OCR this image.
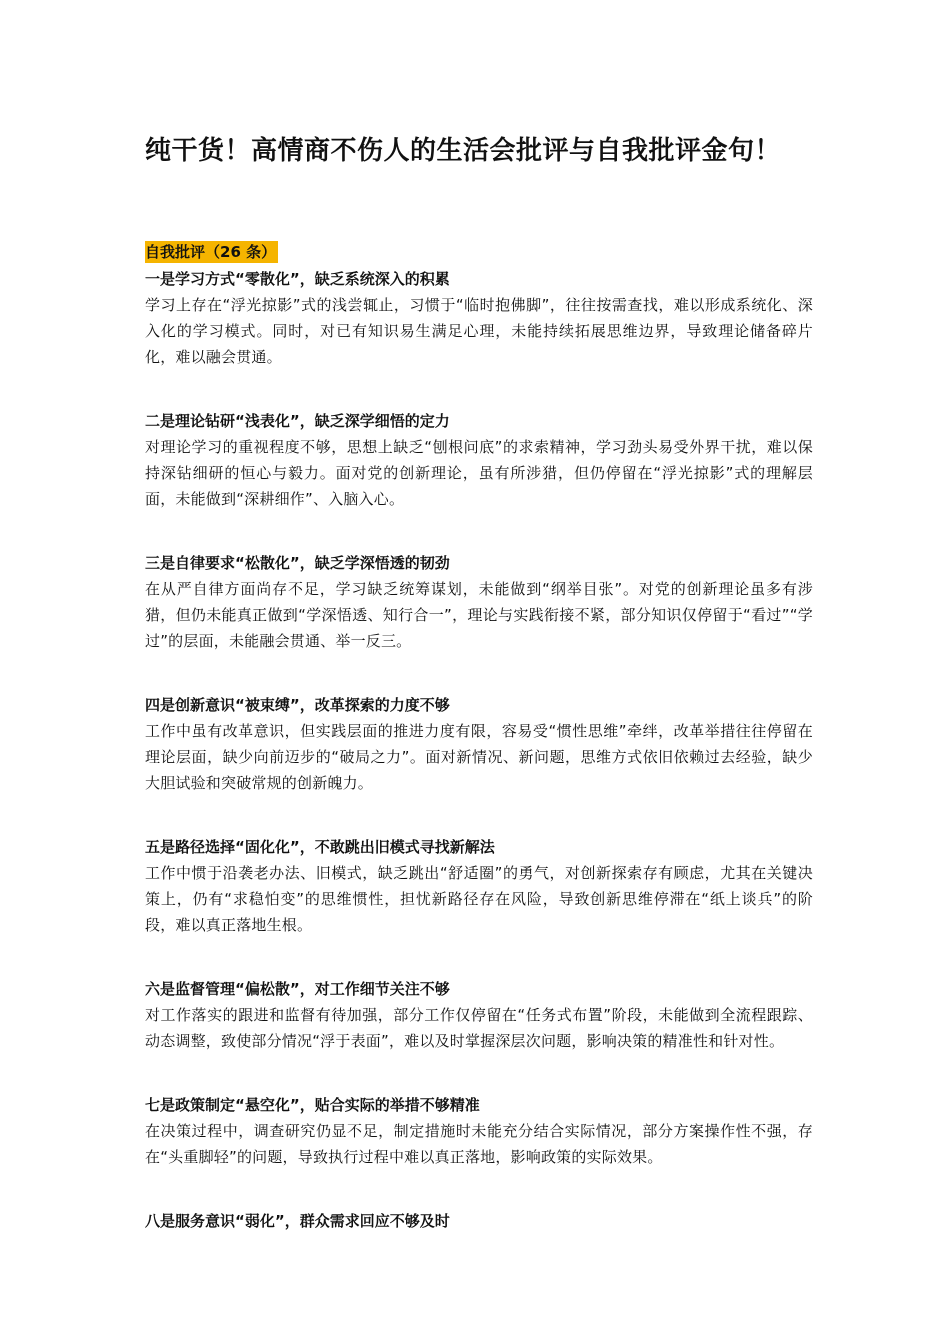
纯干货！高情商不伤人的生活会批评与自我批评金句！
自我批评（26 条）
一是学习方式“零散化”，缺乏系统深入的积累
学习上存在“浮光掠影”式的浅尝辄止，习惯于“临时抱佛脚”，往往按需查找，难以形成系统化、深入化的学习模式。同时，对已有知识易生满足心理，未能持续拓展思维边界，导致理论储备碎片化，难以融会贯通。
二是理论钻研“浅表化”，缺乏深学细悟的定力
对理论学习的重视程度不够，思想上缺乏“刨根问底”的求索精神，学习劲头易受外界干扰，难以保持深钻细研的恒心与毅力。面对党的创新理论，虽有所涉猎，但仍停留在“浮光掠影”式的理解层面，未能做到“深耕细作”、入脑入心。
三是自律要求“松散化”，缺乏学深悟透的韧劲
在从严自律方面尚存不足，学习缺乏统筹谋划，未能做到“纲举目张”。对党的创新理论虽多有涉猎，但仍未能真正做到“学深悟透、知行合一”，理论与实践衔接不紧，部分知识仅停留于“看过”“学过”的层面，未能融会贯通、举一反三。
四是创新意识“被束缚”，改革探索的力度不够
工作中虽有改革意识，但实践层面的推进力度有限，容易受“惯性思维”牵绊，改革举措往往停留在理论层面，缺少向前迈步的“破局之力”。面对新情况、新问题，思维方式依旧依赖过去经验，缺少大胆试验和突破常规的创新魄力。
五是路径选择“固化化”，不敢跳出旧模式寻找新解法
工作中惯于沿袭老办法、旧模式，缺乏跳出“舒适圈”的勇气，对创新探索存有顾虑，尤其在关键决策上，仍有“求稳怕变”的思维惯性，担忧新路径存在风险，导致创新思维停滞在“纸上谈兵”的阶段，难以真正落地生根。
六是监督管理“偏松散”，对工作细节关注不够
对工作落实的跟进和监督有待加强，部分工作仅停留在“任务式布置”阶段，未能做到全流程跟踪、动态调整，致使部分情况“浮于表面”，难以及时掌握深层次问题，影响决策的精准性和针对性。
七是政策制定“悬空化”，贴合实际的举措不够精准
在决策过程中，调查研究仍显不足，制定措施时未能充分结合实际情况，部分方案操作性不强，存在“头重脚轻”的问题，导致执行过程中难以真正落地，影响政策的实际效果。
八是服务意识“弱化”，群众需求回应不够及时
